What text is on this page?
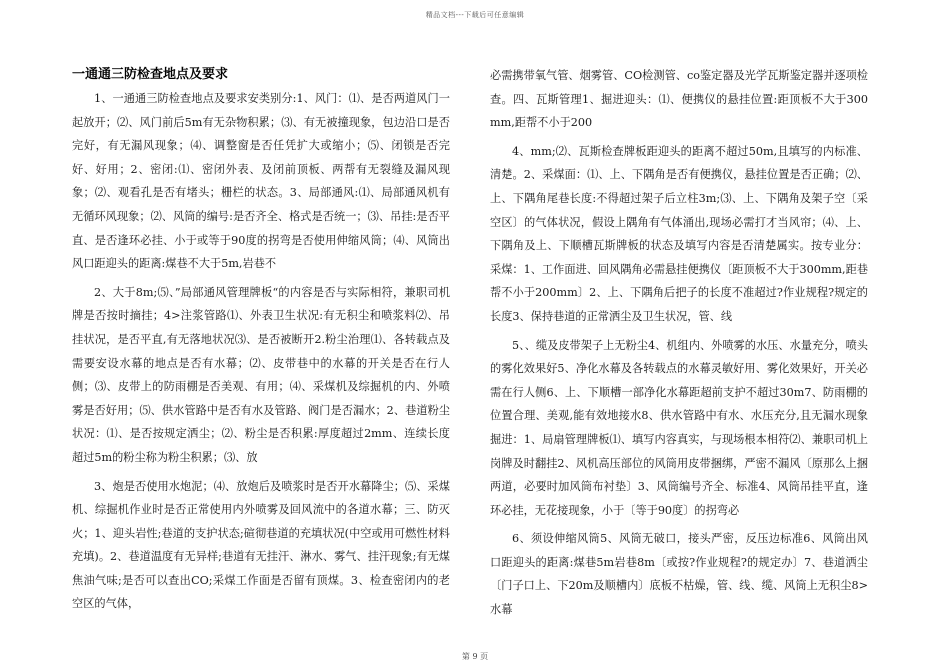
精品文档---下载后可任意编辑
一通通三防检查地点及要求

1、一通通三防检查地点及要求安类别分:1、风门：⑴、是否两道风门一起放开；⑵、风门前后5m有无杂物积累；⑶、有无被撞现象，包边沿口是否完好，有无漏风现象；⑷、调整窗是否任凭扩大或缩小；⑸、闭锁是否完好、好用；2、密闭:⑴、密闭外表、及闭前顶板、两帮有无裂缝及漏风现象；⑵、观看孔是否有堵头；栅栏的状态。3、局部通风:⑴、局部通风机有无循环风现象；⑵、风筒的编号:是否齐全、格式是否统一；⑶、吊挂:是否平直、是否逢环必挂、小于或等于90度的拐弯是否使用伸缩风筒；⑷、风筒出风口距迎头的距离:煤巷不大于5m,岩巷不

2、大于8m;⑸、”局部通风管理牌板“的内容是否与实际相符，兼职司机牌是否按时摘挂；4>注浆管路⑴、外表卫生状况:有无积尘和喷浆料⑵、吊挂状况，是否平直,有无落地状况⑶、是否被断开2.粉尘治理⑴、各转载点及需要安设水幕的地点是否有水幕；⑵、皮带巷中的水幕的开关是否在行人侧；⑶、皮带上的防雨棚是否美观、有用；⑷、采煤机及综掘机的内、外喷雾是否好用；⑸、供水管路中是否有水及管路、阀门是否漏水；2、巷道粉尘状况：⑴、是否按规定洒尘；⑵、粉尘是否积累:厚度超过2mm、连续长度超过5m的粉尘称为粉尘积累；⑶、放

3、炮是否使用水炮泥；⑷、放炮后及喷浆时是否开水幕降尘；⑸、采煤机、综掘机作业时是否正常使用内外喷雾及回风流中的各道水幕；三、防灭火；1、迎头岩性;巷道的支护状态;碹彻巷道的充填状况(中空或用可燃性材料充填)。2、巷道温度有无异样;巷道有无挂汗、淋水、雾气、挂汗现象;有无煤焦油气味;是否可以查出CO;采煤工作面是否留有顶煤。3、检查密闭内的老空区的气体，

必需携带氧气管、烟雾管、CO检测管、co鉴定器及光学瓦斯鉴定器并逐项检查。四、瓦斯管理1、掘进迎头：⑴、便携仪的悬挂位置:距顶板不大于300mm,距帮不小于200

4、mm;⑵、瓦斯检查牌板距迎头的距离不超过50m,且填写的内标准、清楚。2、采煤面：⑴、上、下隅角是否有便携仪，悬挂位置是否正确；⑵、上、下隅角尾巷长度:不得超过架子后立柱3m;⑶、上、下隅角及架子空〔采空区〕的气体状况，假设上隅角有气体涌出,现场必需打才当风帘；⑷、上、下隅角及上、下顺槽瓦斯牌板的状态及填写内容是否清楚属实。按专业分：采煤：1、工作面进、回风隅角必需悬挂便携仪〔距顶板不大于300mm,距巷帮不小于200mm〕2、上、下隅角后把子的长度不准超过?作业规程?规定的长度3、保持巷道的正常洒尘及卫生状况，管、线

5、、缆及皮带架子上无粉尘4、机组内、外喷雾的水压、水量充分，喷头的雾化效果好5、净化水幕及各转载点的水幕灵敏好用、雾化效果好，开关必需在行人侧6、上、下顺槽一部净化水幕距超前支护不超过30m7、防雨棚的位置合理、美观,能有效地接水8、供水管路中有水、水压充分,且无漏水现象掘进：1、局扇管理牌板⑴、填写内容真实，与现场根本相符⑵、兼职司机上岗牌及时翻挂2、风机高压部位的风筒用皮带捆绑，严密不漏风〔原那么上捆两道，必要时加风筒布衬垫〕3、风筒编号齐全、标准4、风筒吊挂平直，逢环必挂，无花接现象，小于〔等于90度〕的拐弯必

6、须设伸缩风筒5、风筒无破口，接头严密，反压边标准6、风筒出风口距迎头的距离:煤巷5m岩巷8m〔或按?作业规程?的规定办〕7、巷道洒尘〔门子口上、下20m及顺槽内〕底板不枯燥，管、线、缆、风筒上无积尘8>水幕

第 9 页
